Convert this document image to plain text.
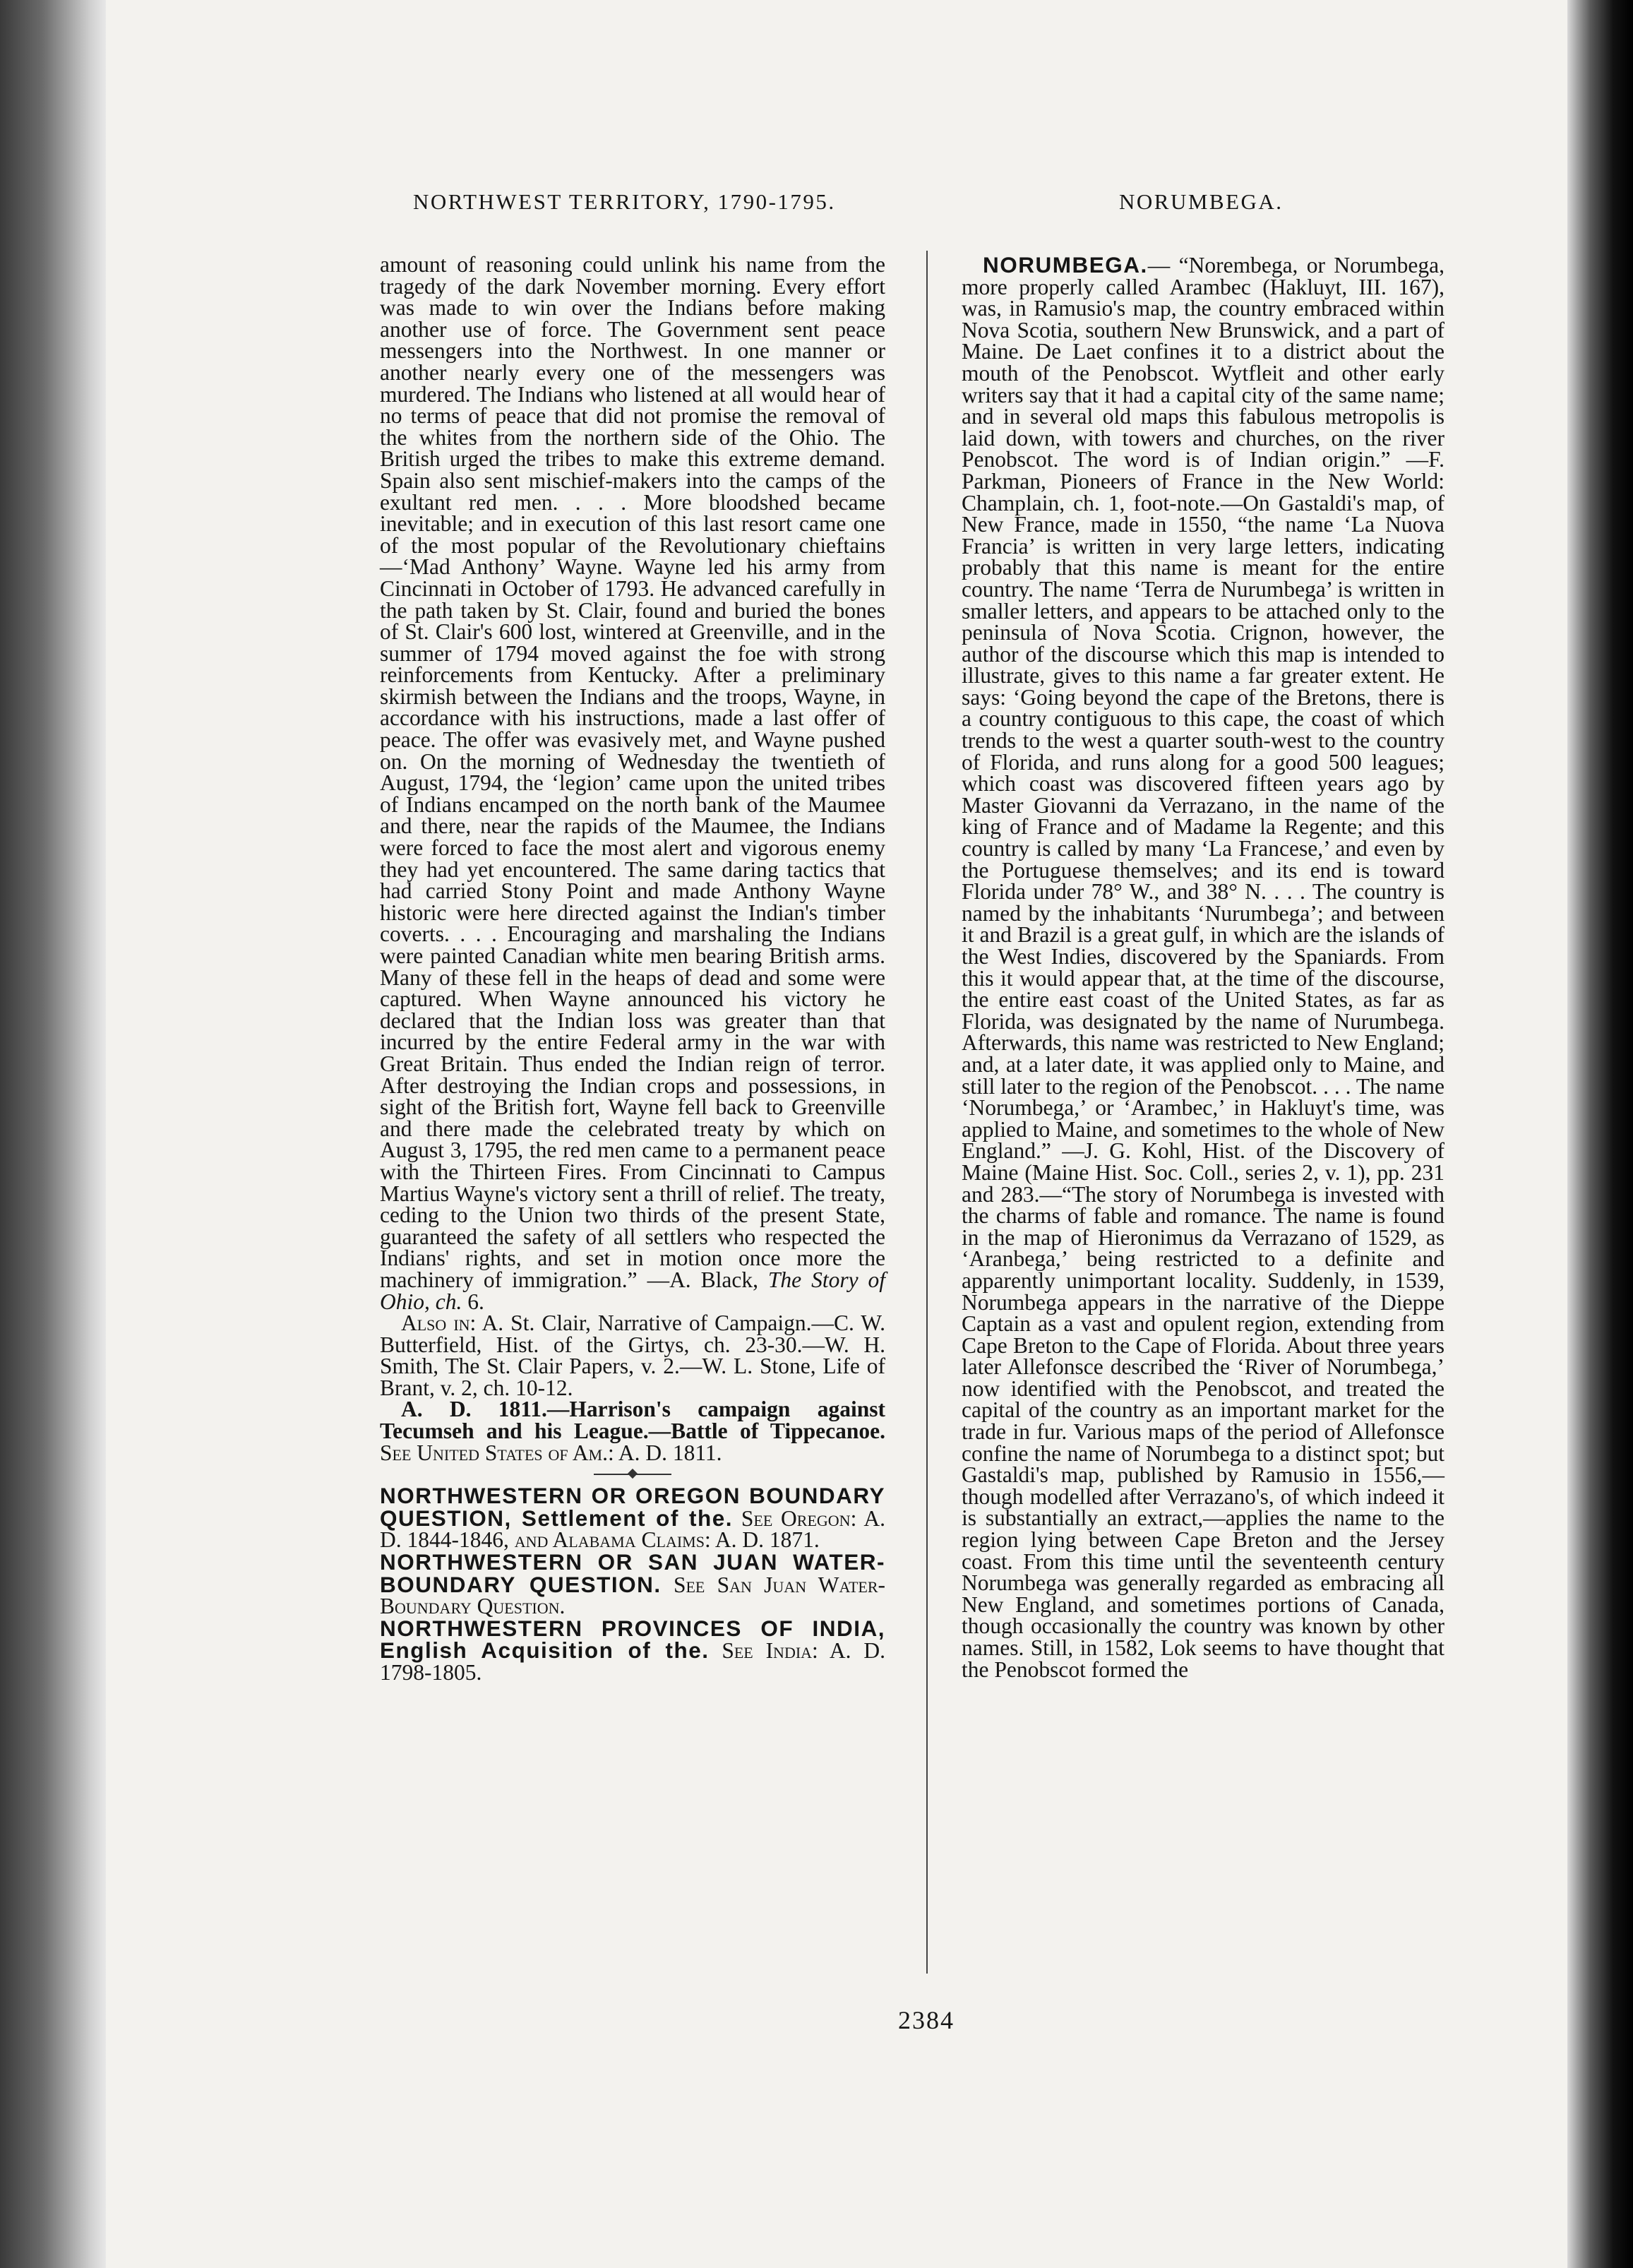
NORTHWEST TERRITORY, 1790-1795.	NORUMBEGA.

amount of reasoning could unlink his name from the tragedy of the dark November morning. Every effort was made to win over the Indians before making another use of force. The Government sent peace messengers into the Northwest. In one manner or another nearly every one of the messengers was murdered. The Indians who listened at all would hear of no terms of peace that did not promise the removal of the whites from the northern side of the Ohio. The British urged the tribes to make this extreme demand. Spain also sent mischief-makers into the camps of the exultant red men. . . . More bloodshed became inevitable; and in execution of this last resort came one of the most popular of the Revolutionary chieftains—‘Mad Anthony’ Wayne. Wayne led his army from Cincinnati in October of 1793. He advanced carefully in the path taken by St. Clair, found and buried the bones of St. Clair's 600 lost, wintered at Greenville, and in the summer of 1794 moved against the foe with strong reinforcements from Kentucky. After a preliminary skirmish between the Indians and the troops, Wayne, in accordance with his instructions, made a last offer of peace. The offer was evasively met, and Wayne pushed on. On the morning of Wednesday the twentieth of August, 1794, the ‘legion’ came upon the united tribes of Indians encamped on the north bank of the Maumee and there, near the rapids of the Maumee, the Indians were forced to face the most alert and vigorous enemy they had yet encountered. The same daring tactics that had carried Stony Point and made Anthony Wayne historic were here directed against the Indian's timber coverts. . . . Encouraging and marshaling the Indians were painted Canadian white men bearing British arms. Many of these fell in the heaps of dead and some were captured. When Wayne announced his victory he declared that the Indian loss was greater than that incurred by the entire Federal army in the war with Great Britain. Thus ended the Indian reign of terror. After destroying the Indian crops and possessions, in sight of the British fort, Wayne fell back to Greenville and there made the celebrated treaty by which on August 3, 1795, the red men came to a permanent peace with the Thirteen Fires. From Cincinnati to Campus Martius Wayne's victory sent a thrill of relief. The treaty, ceding to the Union two thirds of the present State, guaranteed the safety of all settlers who respected the Indians' rights, and set in motion once more the machinery of immigration.” —A. Black, The Story of Ohio, ch. 6.

Also in: A. St. Clair, Narrative of Campaign.—C. W. Butterfield, Hist. of the Girtys, ch. 23-30.—W. H. Smith, The St. Clair Papers, v. 2.—W. L. Stone, Life of Brant, v. 2, ch. 10-12.

A. D. 1811.—Harrison's campaign against Tecumseh and his League.—Battle of Tippecanoe. See United States of Am.: A. D. 1811.

NORTHWESTERN OR OREGON BOUNDARY QUESTION, Settlement of the. See Oregon: A. D. 1844-1846, and Alabama Claims: A. D. 1871.

NORTHWESTERN OR SAN JUAN WATER-BOUNDARY QUESTION. See San Juan Water-Boundary Question.

NORTHWESTERN PROVINCES OF INDIA, English Acquisition of the. See India: A. D. 1798-1805.

NORUMBEGA.— “Norembega, or Norumbega, more properly called Arambec (Hakluyt, III. 167), was, in Ramusio's map, the country embraced within Nova Scotia, southern New Brunswick, and a part of Maine. De Laet confines it to a district about the mouth of the Penobscot. Wytfleit and other early writers say that it had a capital city of the same name; and in several old maps this fabulous metropolis is laid down, with towers and churches, on the river Penobscot. The word is of Indian origin.” —F. Parkman, Pioneers of France in the New World: Champlain, ch. 1, foot-note.—On Gastaldi's map, of New France, made in 1550, “the name ‘La Nuova Francia’ is written in very large letters, indicating probably that this name is meant for the entire country. The name ‘Terra de Nurumbega’ is written in smaller letters, and appears to be attached only to the peninsula of Nova Scotia. Crignon, however, the author of the discourse which this map is intended to illustrate, gives to this name a far greater extent. He says: ‘Going beyond the cape of the Bretons, there is a country contiguous to this cape, the coast of which trends to the west a quarter south-west to the country of Florida, and runs along for a good 500 leagues; which coast was discovered fifteen years ago by Master Giovanni da Verrazano, in the name of the king of France and of Madame la Regente; and this country is called by many ‘La Francese,’ and even by the Portuguese themselves; and its end is toward Florida under 78° W., and 38° N. . . . The country is named by the inhabitants ‘Nurumbega’; and between it and Brazil is a great gulf, in which are the islands of the West Indies, discovered by the Spaniards. From this it would appear that, at the time of the discourse, the entire east coast of the United States, as far as Florida, was designated by the name of Nurumbega. Afterwards, this name was restricted to New England; and, at a later date, it was applied only to Maine, and still later to the region of the Penobscot. . . . The name ‘Norumbega,’ or ‘Arambec,’ in Hakluyt's time, was applied to Maine, and sometimes to the whole of New England.” —J. G. Kohl, Hist. of the Discovery of Maine (Maine Hist. Soc. Coll., series 2, v. 1), pp. 231 and 283.—“The story of Norumbega is invested with the charms of fable and romance. The name is found in the map of Hieronimus da Verrazano of 1529, as ‘Aranbega,’ being restricted to a definite and apparently unimportant locality. Suddenly, in 1539, Norumbega appears in the narrative of the Dieppe Captain as a vast and opulent region, extending from Cape Breton to the Cape of Florida. About three years later Allefonsce described the ‘River of Norumbega,’ now identified with the Penobscot, and treated the capital of the country as an important market for the trade in fur. Various maps of the period of Allefonsce confine the name of Norumbega to a distinct spot; but Gastaldi's map, published by Ramusio in 1556,—though modelled after Verrazano's, of which indeed it is substantially an extract,—applies the name to the region lying between Cape Breton and the Jersey coast. From this time until the seventeenth century Norumbega was generally regarded as embracing all New England, and sometimes portions of Canada, though occasionally the country was known by other names. Still, in 1582, Lok seems to have thought that the Penobscot formed the

2384
